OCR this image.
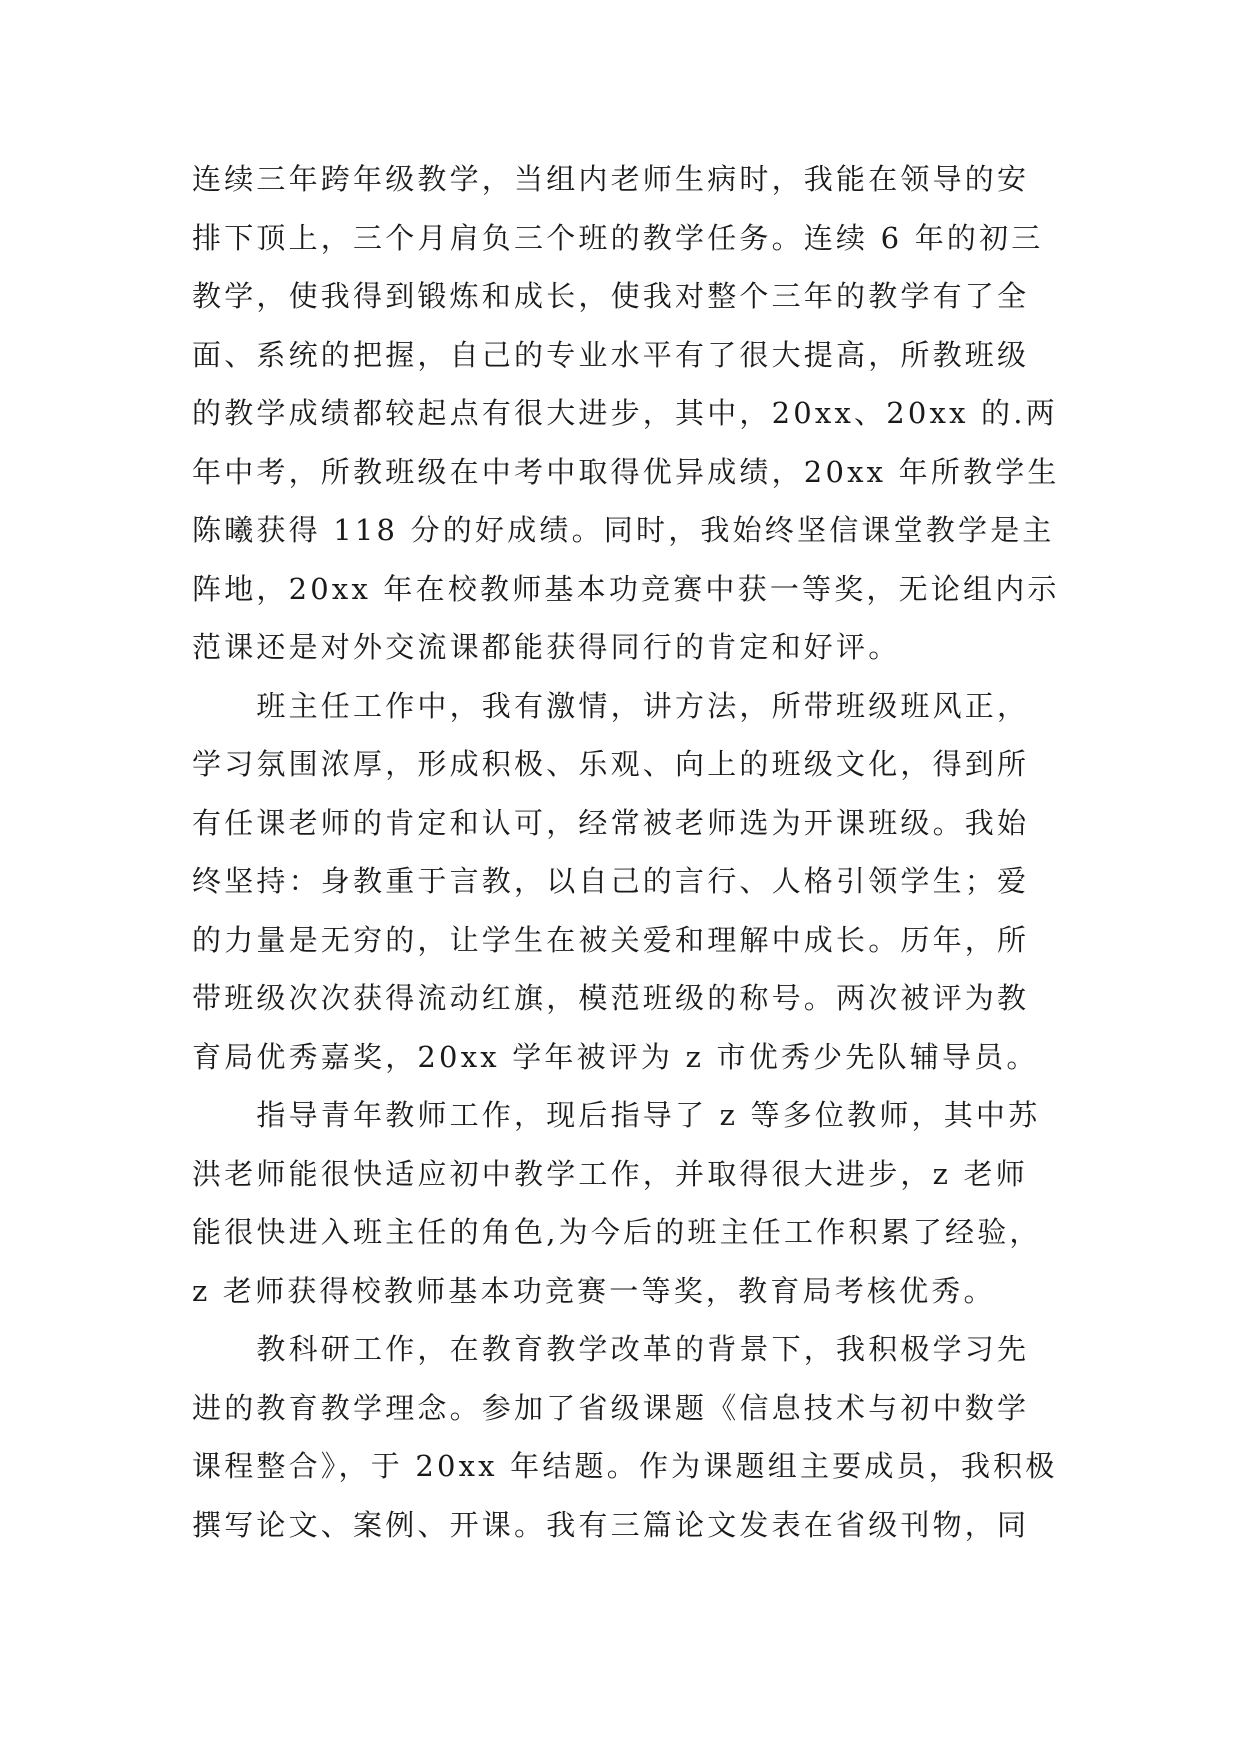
连续三年跨年级教学，当组内老师生病时，我能在领导的安
排下顶上，三个月肩负三个班的教学任务。连续 6 年的初三
教学，使我得到锻炼和成长，使我对整个三年的教学有了全
面、系统的把握，自己的专业水平有了很大提高，所教班级
的教学成绩都较起点有很大进步，其中，20xx、20xx 的.两
年中考，所教班级在中考中取得优异成绩，20xx 年所教学生
陈曦获得 118 分的好成绩。同时，我始终坚信课堂教学是主
阵地，20xx 年在校教师基本功竞赛中获一等奖，无论组内示
范课还是对外交流课都能获得同行的肯定和好评。
　　班主任工作中，我有激情，讲方法，所带班级班风正，
学习氛围浓厚，形成积极、乐观、向上的班级文化，得到所
有任课老师的肯定和认可，经常被老师选为开课班级。我始
终坚持：身教重于言教，以自己的言行、人格引领学生；爱
的力量是无穷的，让学生在被关爱和理解中成长。历年，所
带班级次次获得流动红旗，模范班级的称号。两次被评为教
育局优秀嘉奖，20xx 学年被评为 z 市优秀少先队辅导员。
　　指导青年教师工作，现后指导了 z 等多位教师，其中苏
洪老师能很快适应初中教学工作，并取得很大进步，z 老师
能很快进入班主任的角色,为今后的班主任工作积累了经验，
z 老师获得校教师基本功竞赛一等奖，教育局考核优秀。
　　教科研工作，在教育教学改革的背景下，我积极学习先
进的教育教学理念。参加了省级课题《信息技术与初中数学
课程整合》，于 20xx 年结题。作为课题组主要成员，我积极
撰写论文、案例、开课。我有三篇论文发表在省级刊物，同
